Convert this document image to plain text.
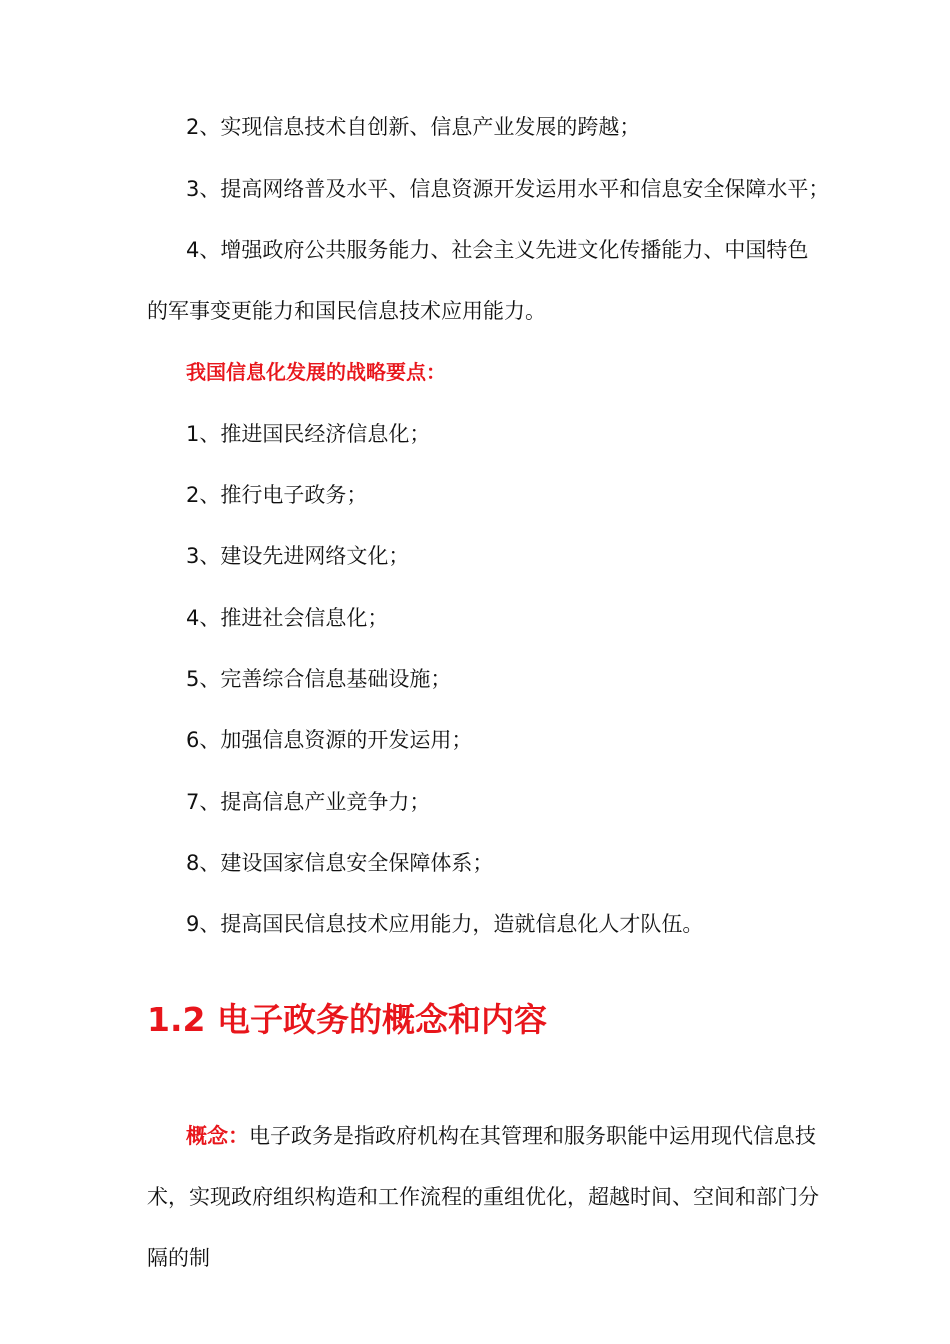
2、实现信息技术自创新、信息产业发展的跨越；
3、提高网络普及水平、信息资源开发运用水平和信息安全保障水平；
4、增强政府公共服务能力、社会主义先进文化传播能力、中国特色
的军事变更能力和国民信息技术应用能力。
我国信息化发展的战略要点：
1、推进国民经济信息化；
2、推行电子政务；
3、建设先进网络文化；
4、推进社会信息化；
5、完善综合信息基础设施；
6、加强信息资源的开发运用；
7、提高信息产业竞争力；
8、建设国家信息安全保障体系；
9、提高国民信息技术应用能力，造就信息化人才队伍。
1.2 电子政务的概念和内容
概念：电子政务是指政府机构在其管理和服务职能中运用现代信息技
术，实现政府组织构造和工作流程的重组优化，超越时间、空间和部门分
隔的制
